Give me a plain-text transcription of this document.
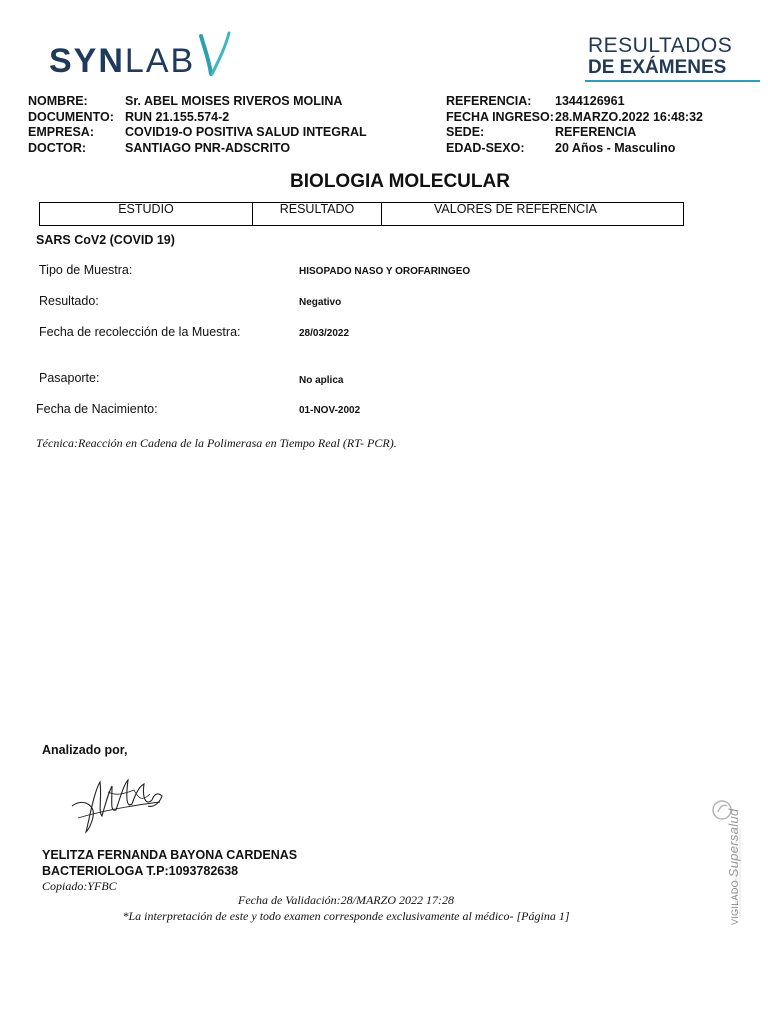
SYNLAB	RESULTADOS
DE EXÁMENES
NOMBRE:	Sr. ABEL MOISES RIVEROS MOLINA
DOCUMENTO: RUN 21.155.574-2
EMPRESA:	COVID19-O POSITIVA SALUD INTEGRAL
DOCTOR:	SANTIAGO PNR-ADSCRITO
REFERENCIA:	1344126961
FECHA INGRESO: 28.MARZO.2022 16:48:32
SEDE:	REFERENCIA
EDAD-SEXO:	20 Años - Masculino
BIOLOGIA MOLECULAR
ESTUDIO	RESULTADO	VALORES DE REFERENCIA
SARS CoV2 (COVID 19)
Tipo de Muestra:	HISOPADO NASO Y OROFARINGEO
Resultado:	Negativo
Fecha de recolección de la Muestra:	28/03/2022
Pasaporte:	No aplica
Fecha de Nacimiento:	01-NOV-2002
Técnica:Reacción en Cadena de la Polimerasa en Tiempo Real (RT- PCR).
Analizado por,
YELITZA FERNANDA BAYONA CARDENAS
BACTERIOLOGA T.P:1093782638
Copiado:YFBC
Fecha de Validación:28/MARZO 2022 17:28
*La interpretación de este y todo examen corresponde exclusivamente al médico- [Página 1]	VIGILADO Supersalud
